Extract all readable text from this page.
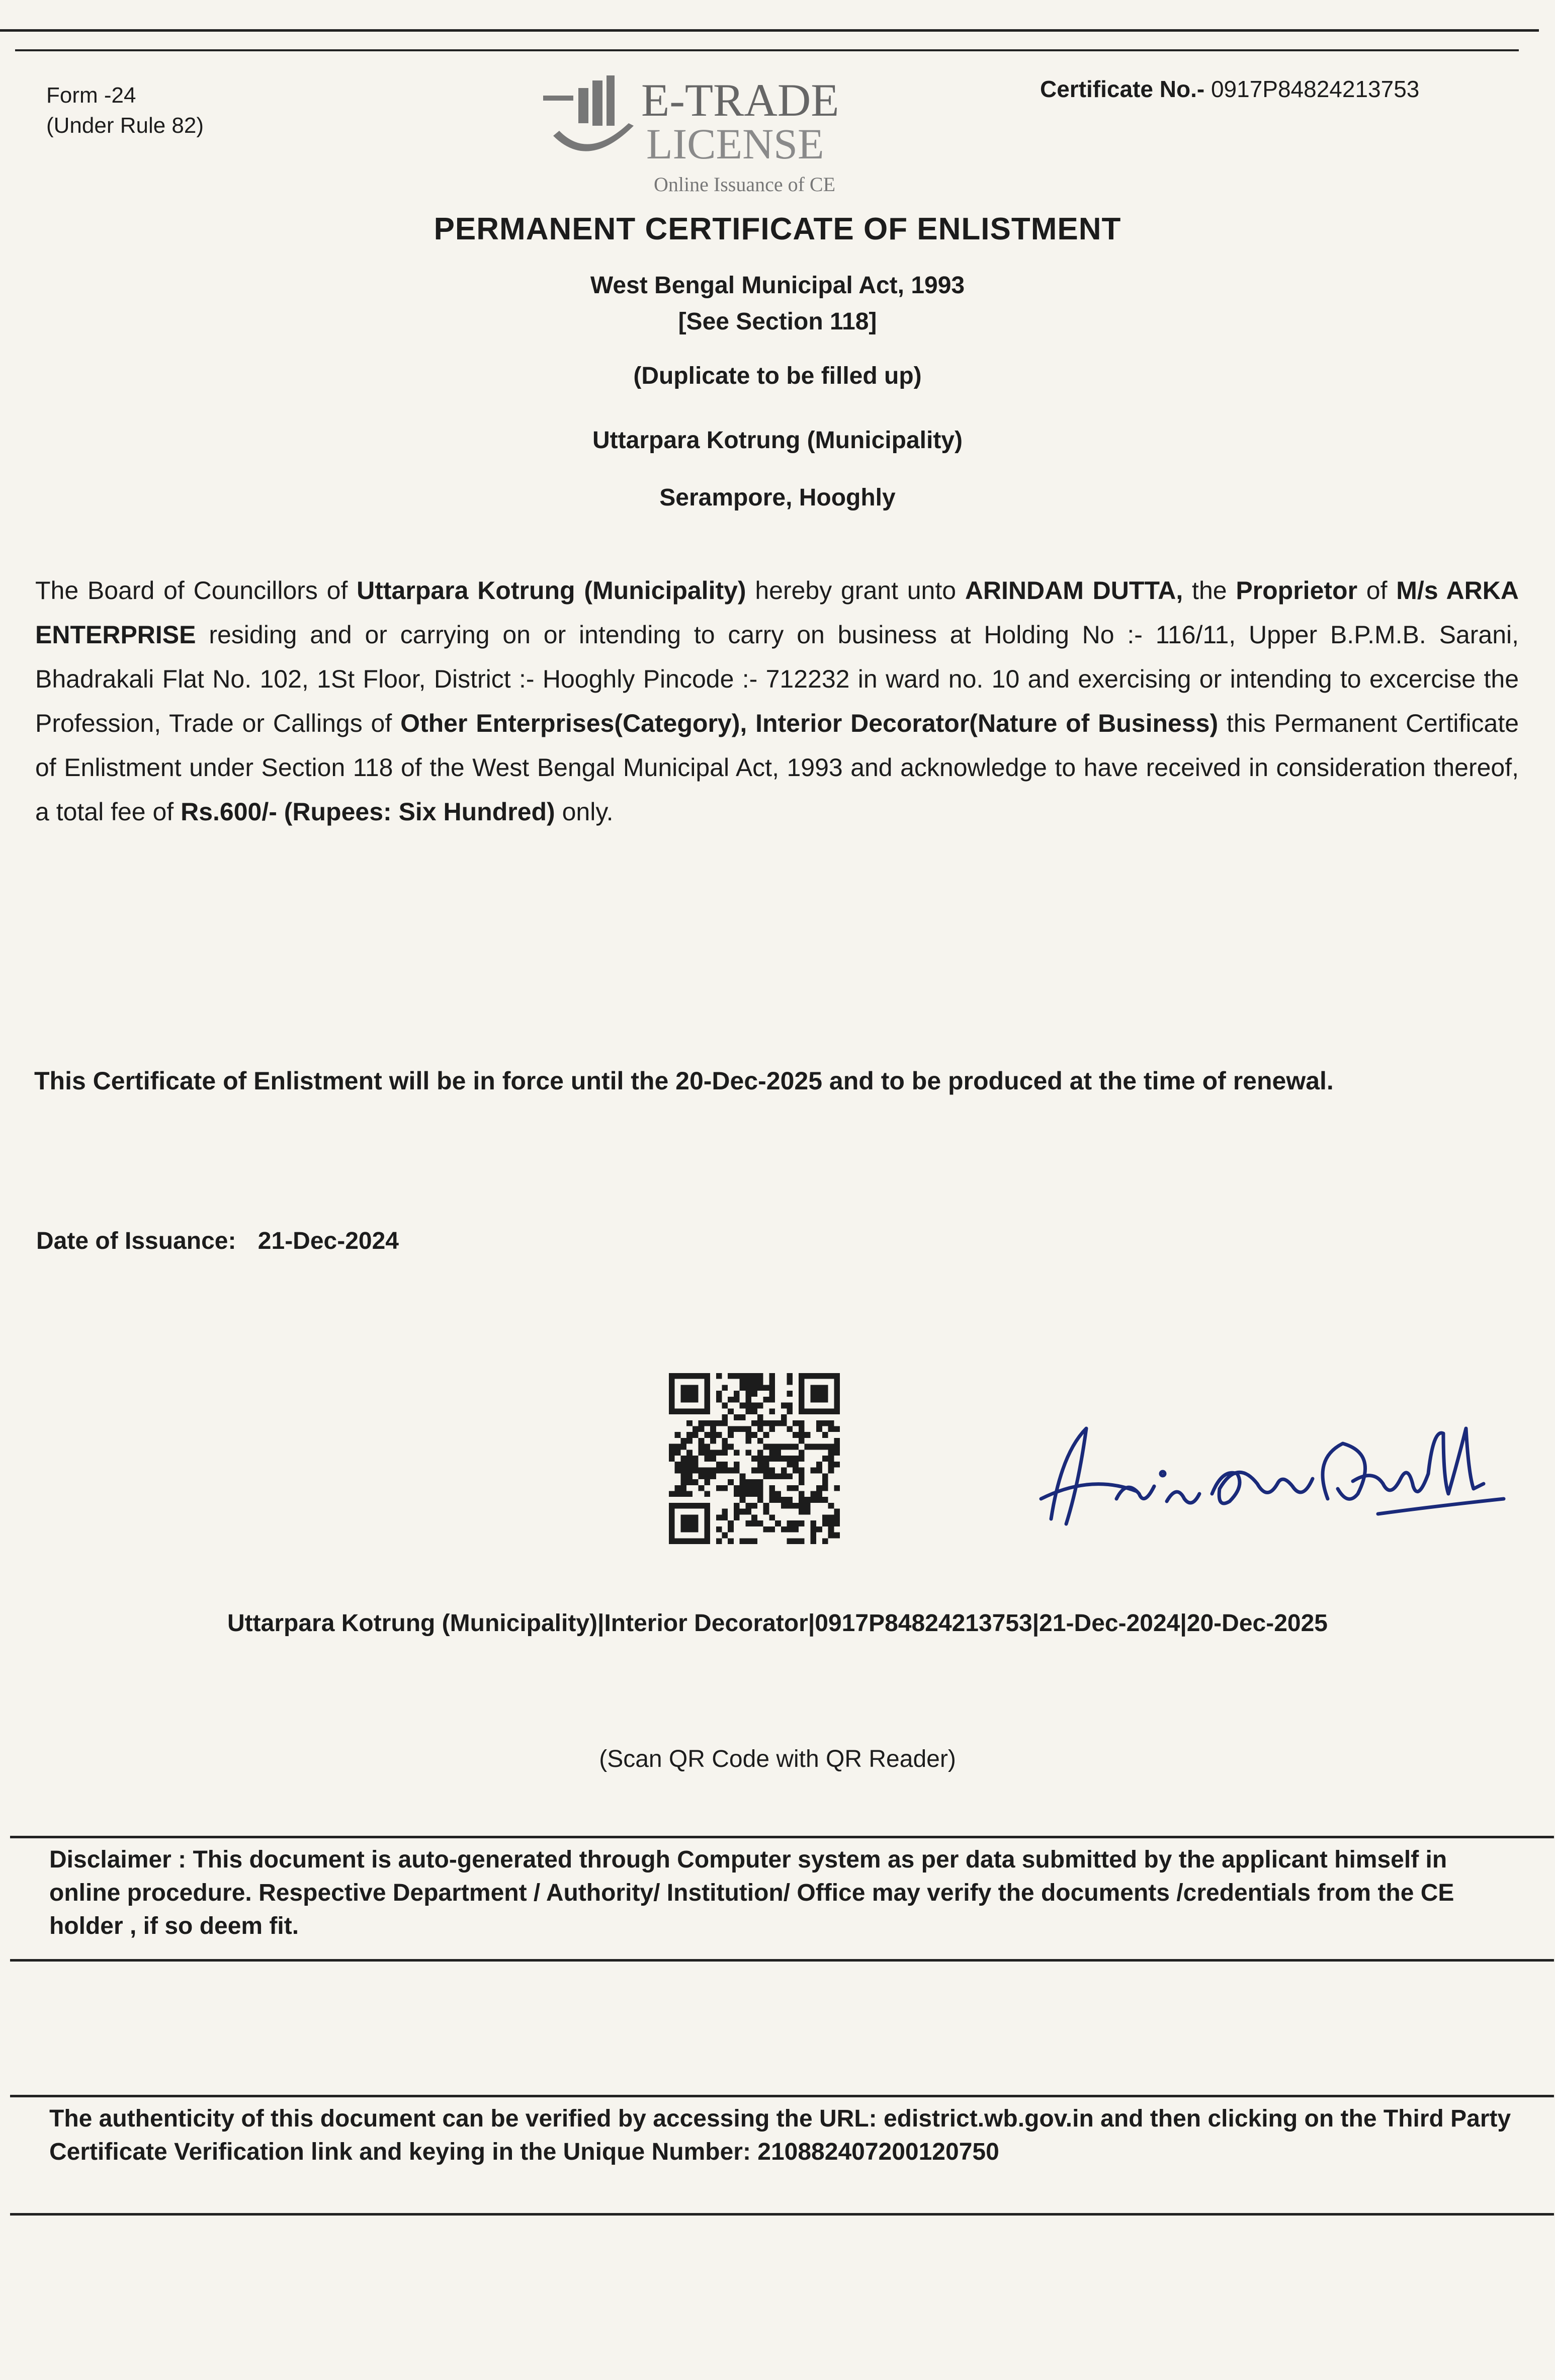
Form -24
(Under Rule 82)	E-TRADE
LICENSE
Online Issuance of CE
Certificate No.- 0917P84824213753
PERMANENT CERTIFICATE OF ENLISTMENT
West Bengal Municipal Act, 1993
[See Section 118]
(Duplicate to be filled up)
Uttarpara Kotrung (Municipality)
Serampore, Hooghly
The Board of Councillors of Uttarpara Kotrung (Municipality) hereby grant unto ARINDAM DUTTA, the Proprietor of M/s ARKA ENTERPRISE residing and or carrying on or intending to carry on business at Holding No :- 116/11, Upper B.P.M.B. Sarani, Bhadrakali Flat No. 102, 1St Floor, District :- Hooghly Pincode :- 712232 in ward no. 10 and exercising or intending to excercise the Profession, Trade or Callings of Other Enterprises(Category), Interior Decorator(Nature of Business) this Permanent Certificate of Enlistment under Section 118 of the West Bengal Municipal Act, 1993 and acknowledge to have received in consideration thereof, a total fee of Rs.600/- (Rupees: Six Hundred) only.
This Certificate of Enlistment will be in force until the 20-Dec-2025 and to be produced at the time of renewal.
Date of Issuance: 21-Dec-2024
Uttarpara Kotrung (Municipality)|Interior Decorator|0917P84824213753|21-Dec-2024|20-Dec-2025
(Scan QR Code with QR Reader)
Disclaimer : This document is auto-generated through Computer system as per data submitted by the applicant himself in online procedure. Respective Department / Authority/ Institution/ Office may verify the documents /credentials from the CE holder , if so deem fit.
The authenticity of this document can be verified by accessing the URL: edistrict.wb.gov.in and then clicking on the Third Party Certificate Verification link and keying in the Unique Number: 210882407200120750
